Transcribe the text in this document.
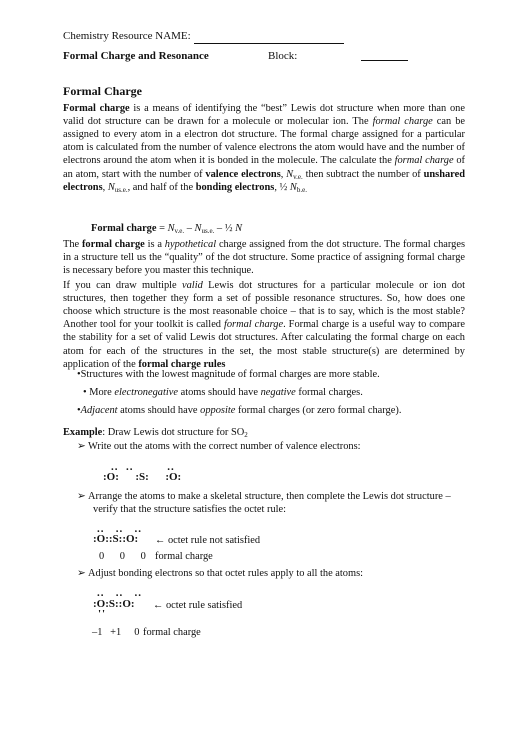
Chemistry Resource NAME:
Formal Charge and Resonance	Block:
Formal Charge

Formal charge is a means of identifying the “best” Lewis dot structure when more than one valid dot structure can be drawn for a molecule or molecular ion. The formal charge can be assigned to every atom in a electron dot structure. The formal charge assigned for a particular atom is calculated from the number of valence electrons the atom would have and the number of electrons around the atom when it is bonded in the molecule. The calculate the formal charge of an atom, start with the number of valence electrons, $N_{v.e.}$ then subtract the number of unshared electrons, $N_{us.e.}$, and half of the bonding electrons, ½ $N_{b.e.}$

Formal charge = $N_{v.e.} - N_{us.e.}$ – ½ N

The formal charge is a hypothetical charge assigned from the dot structure. The formal charges in a structure tell us the “quality” of the dot structure. Some practice of assigning formal charge is necessary before you master this technique.

If you can draw multiple valid Lewis dot structures for a particular molecule or ion dot structures, then together they form a set of possible resonance structures. So, how does one choose which structure is the most reasonable choice – that is to say, which is the most stable? Another tool for your toolkit is called formal charge. Formal charge is a useful way to compare the stability for a set of valid Lewis dot structures. After calculating the formal charge on each atom for each of the structures in the set, the most stable structure(s) are determined by application of the formal charge rules

•Structures with the lowest magnitude of formal charges are more stable.
• More electronegative atoms should have negative formal charges.
•Adjacent atoms should have opposite formal charges (or zero formal charge).
Example: Draw Lewis dot structure for $SO_2$
➢ Write out the atoms with the correct number of valence electrons:
..  ..         ..
:O:      :S:      :O:
➢ Arrange the atoms to make a skeletal structure, then complete the Lewis dot structure –
verify that the structure satisfies the octet rule:
..   ..   ..
:O::S::O: ← octet rule not satisfied
0      0      0 formal charge
➢ Adjust bonding electrons so that octet rules apply to all the atoms:
..   ..   ..
:O:S::O: ← octet rule satisfied
''
–1   +1     0 formal charge
